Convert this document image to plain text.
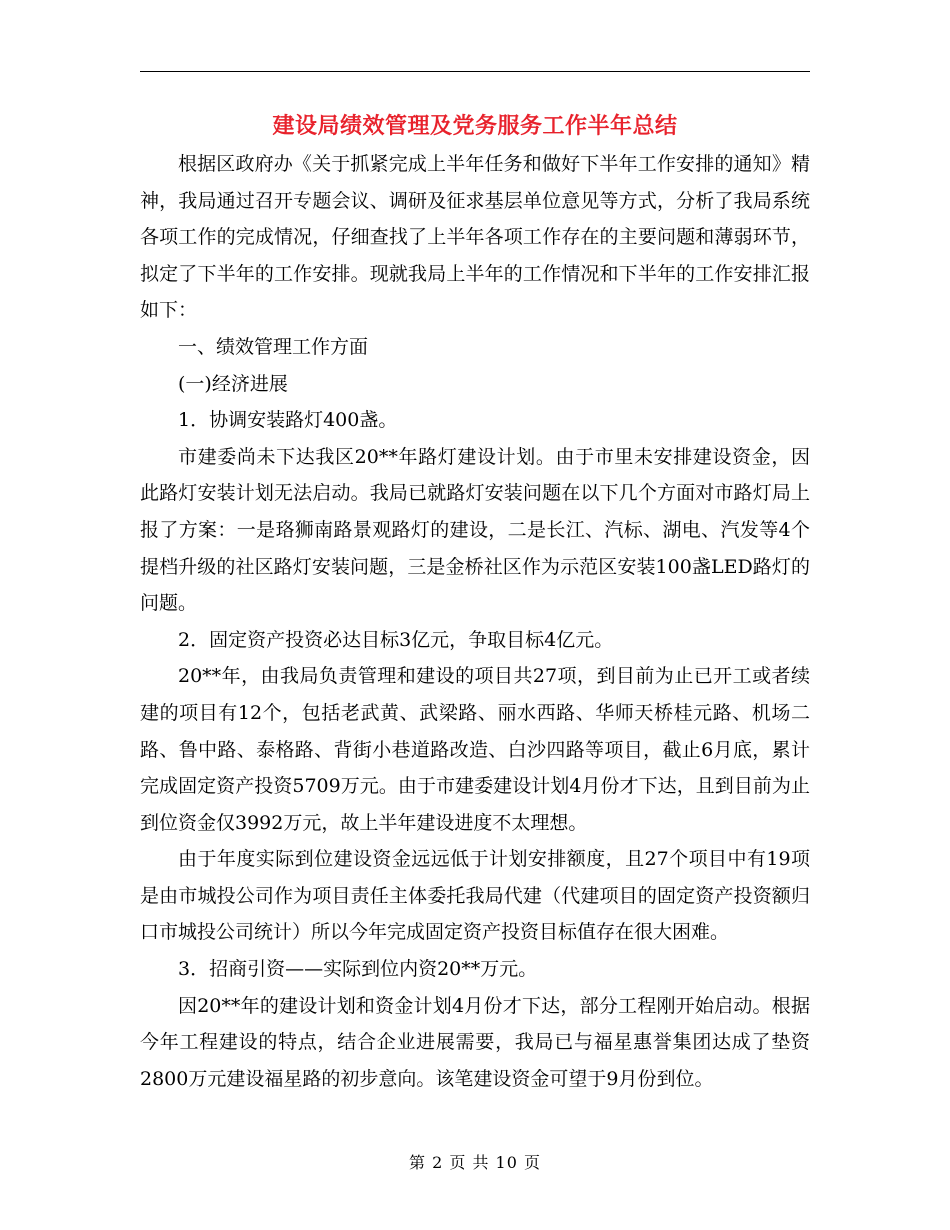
建设局绩效管理及党务服务工作半年总结

根据区政府办《关于抓紧完成上半年任务和做好下半年工作安排的通知》精神，我局通过召开专题会议、调研及征求基层单位意见等方式，分析了我局系统各项工作的完成情况，仔细查找了上半年各项工作存在的主要问题和薄弱环节，拟定了下半年的工作安排。现就我局上半年的工作情况和下半年的工作安排汇报如下：

一、绩效管理工作方面

(一)经济进展

1．协调安装路灯400盏。

市建委尚未下达我区20**年路灯建设计划。由于市里未安排建设资金，因此路灯安装计划无法启动。我局已就路灯安装问题在以下几个方面对市路灯局上报了方案：一是珞狮南路景观路灯的建设，二是长江、汽标、湖电、汽发等4个提档升级的社区路灯安装问题，三是金桥社区作为示范区安装100盏LED路灯的问题。

2．固定资产投资必达目标3亿元，争取目标4亿元。

20**年，由我局负责管理和建设的项目共27项，到目前为止已开工或者续建的项目有12个，包括老武黄、武梁路、丽水西路、华师天桥桂元路、机场二路、鲁中路、泰格路、背街小巷道路改造、白沙四路等项目，截止6月底，累计完成固定资产投资5709万元。由于市建委建设计划4月份才下达，且到目前为止到位资金仅3992万元，故上半年建设进度不太理想。

由于年度实际到位建设资金远远低于计划安排额度，且27个项目中有19项是由市城投公司作为项目责任主体委托我局代建（代建项目的固定资产投资额归口市城投公司统计）所以今年完成固定资产投资目标值存在很大困难。

3．招商引资——实际到位内资20**万元。

因20**年的建设计划和资金计划4月份才下达，部分工程刚开始启动。根据今年工程建设的特点，结合企业进展需要，我局已与福星惠誉集团达成了垫资2800万元建设福星路的初步意向。该笔建设资金可望于9月份到位。

第 2 页 共 10 页
